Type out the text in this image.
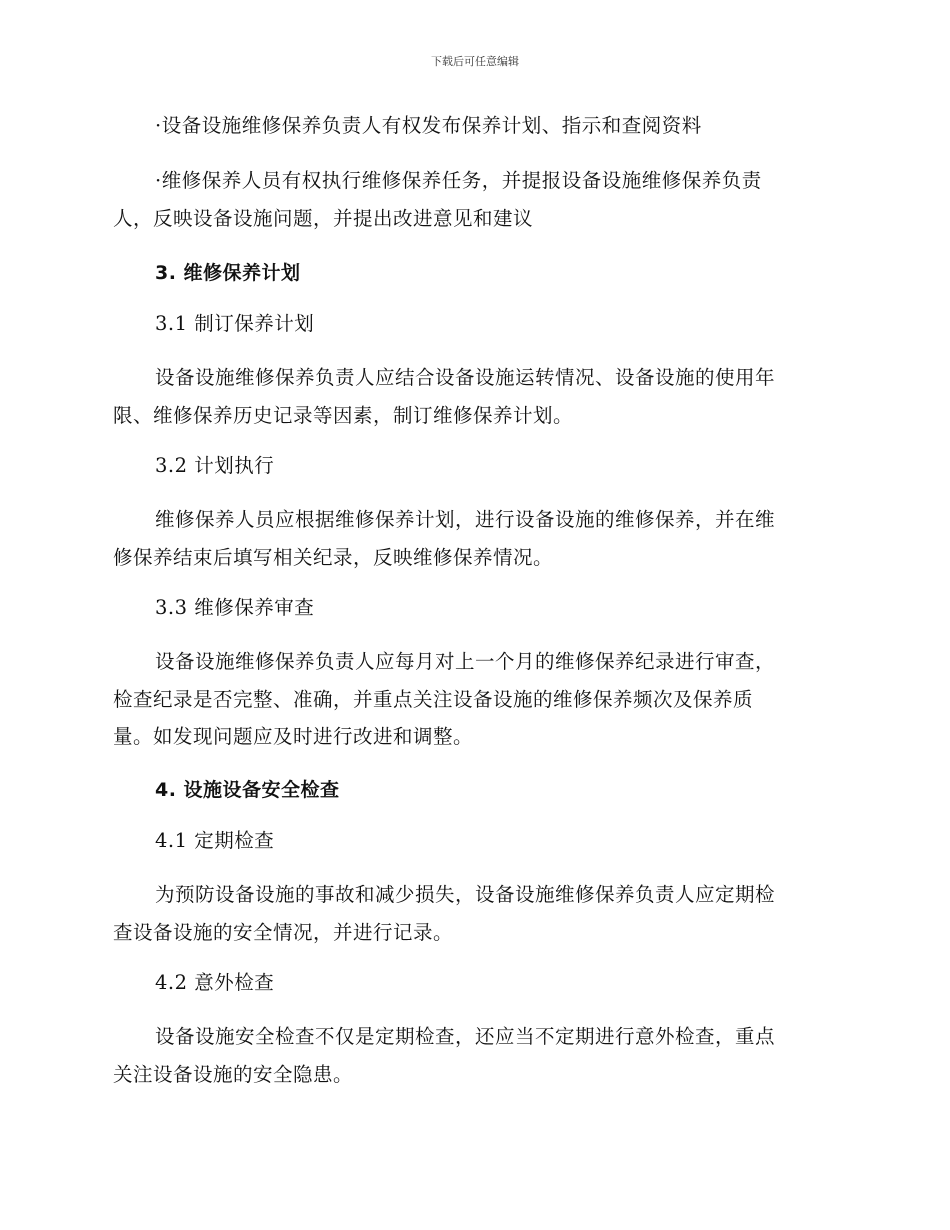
下载后可任意编辑
·设备设施维修保养负责人有权发布保养计划、指示和查阅资料
·维修保养人员有权执行维修保养任务，并提报设备设施维修保养负责
人，反映设备设施问题，并提出改进意见和建议
3. 维修保养计划
3.1 制订保养计划
设备设施维修保养负责人应结合设备设施运转情况、设备设施的使用年
限、维修保养历史记录等因素，制订维修保养计划。
3.2 计划执行
维修保养人员应根据维修保养计划，进行设备设施的维修保养，并在维
修保养结束后填写相关纪录，反映维修保养情况。
3.3 维修保养审查
设备设施维修保养负责人应每月对上一个月的维修保养纪录进行审查，
检查纪录是否完整、准确，并重点关注设备设施的维修保养频次及保养质
量。如发现问题应及时进行改进和调整。
4. 设施设备安全检查
4.1 定期检查
为预防设备设施的事故和减少损失，设备设施维修保养负责人应定期检
查设备设施的安全情况，并进行记录。
4.2 意外检查
设备设施安全检查不仅是定期检查，还应当不定期进行意外检查，重点
关注设备设施的安全隐患。
